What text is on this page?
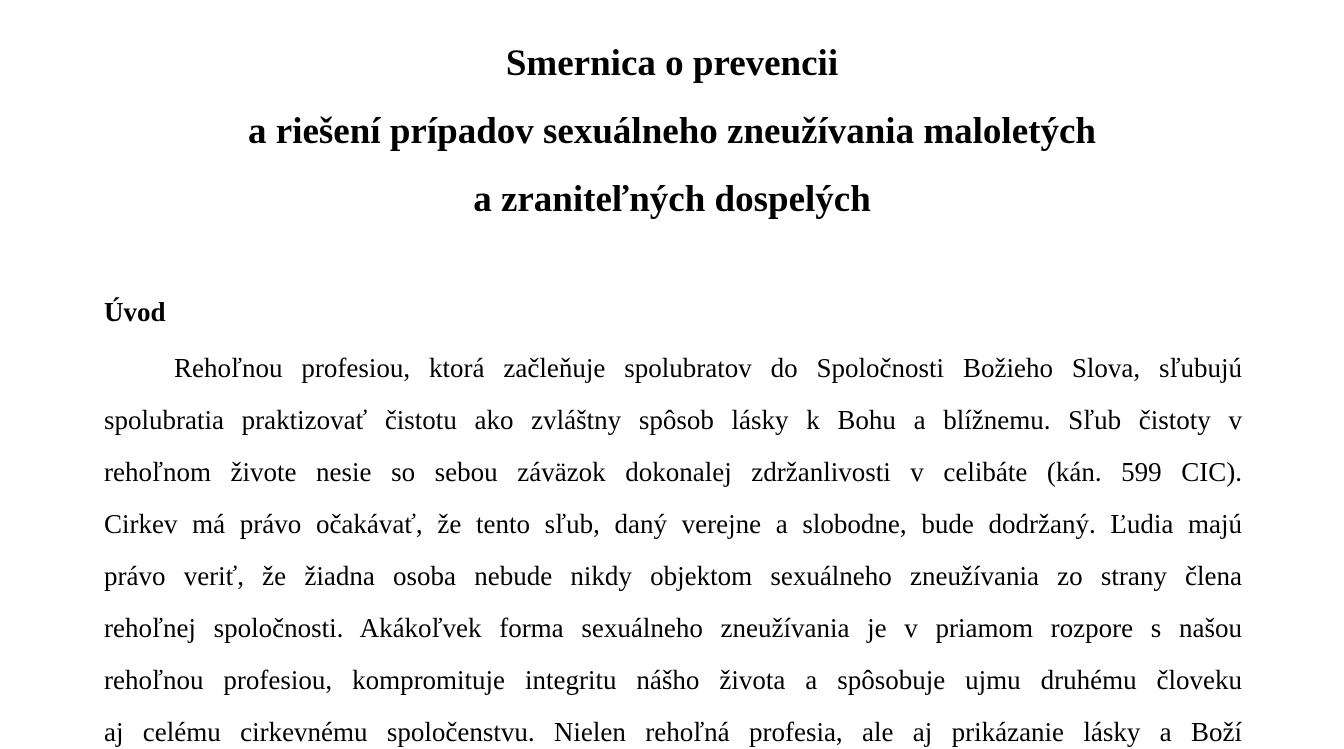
Smernica o prevencii
a riešení prípadov sexuálneho zneužívania maloletých
a zraniteľných dospelých
Úvod
Rehoľnou profesiou, ktorá začleňuje spolubratov do Spoločnosti Božieho Slova, sľubujú
spolubratia praktizovať čistotu ako zvláštny spôsob lásky k Bohu a blížnemu. Sľub čistoty v
rehoľnom živote nesie so sebou záväzok dokonalej zdržanlivosti v celibáte (kán. 599 CIC).
Cirkev má právo očakávať, že tento sľub, daný verejne a slobodne, bude dodržaný. Ľudia majú
právo veriť, že žiadna osoba nebude nikdy objektom sexuálneho zneužívania zo strany člena
rehoľnej spoločnosti. Akákoľvek forma sexuálneho zneužívania je v priamom rozpore s našou
rehoľnou profesiou, kompromituje integritu nášho života a spôsobuje ujmu druhému človeku
aj celému cirkevnému spoločenstvu. Nielen rehoľná profesia, ale aj prikázanie lásky a Boží
